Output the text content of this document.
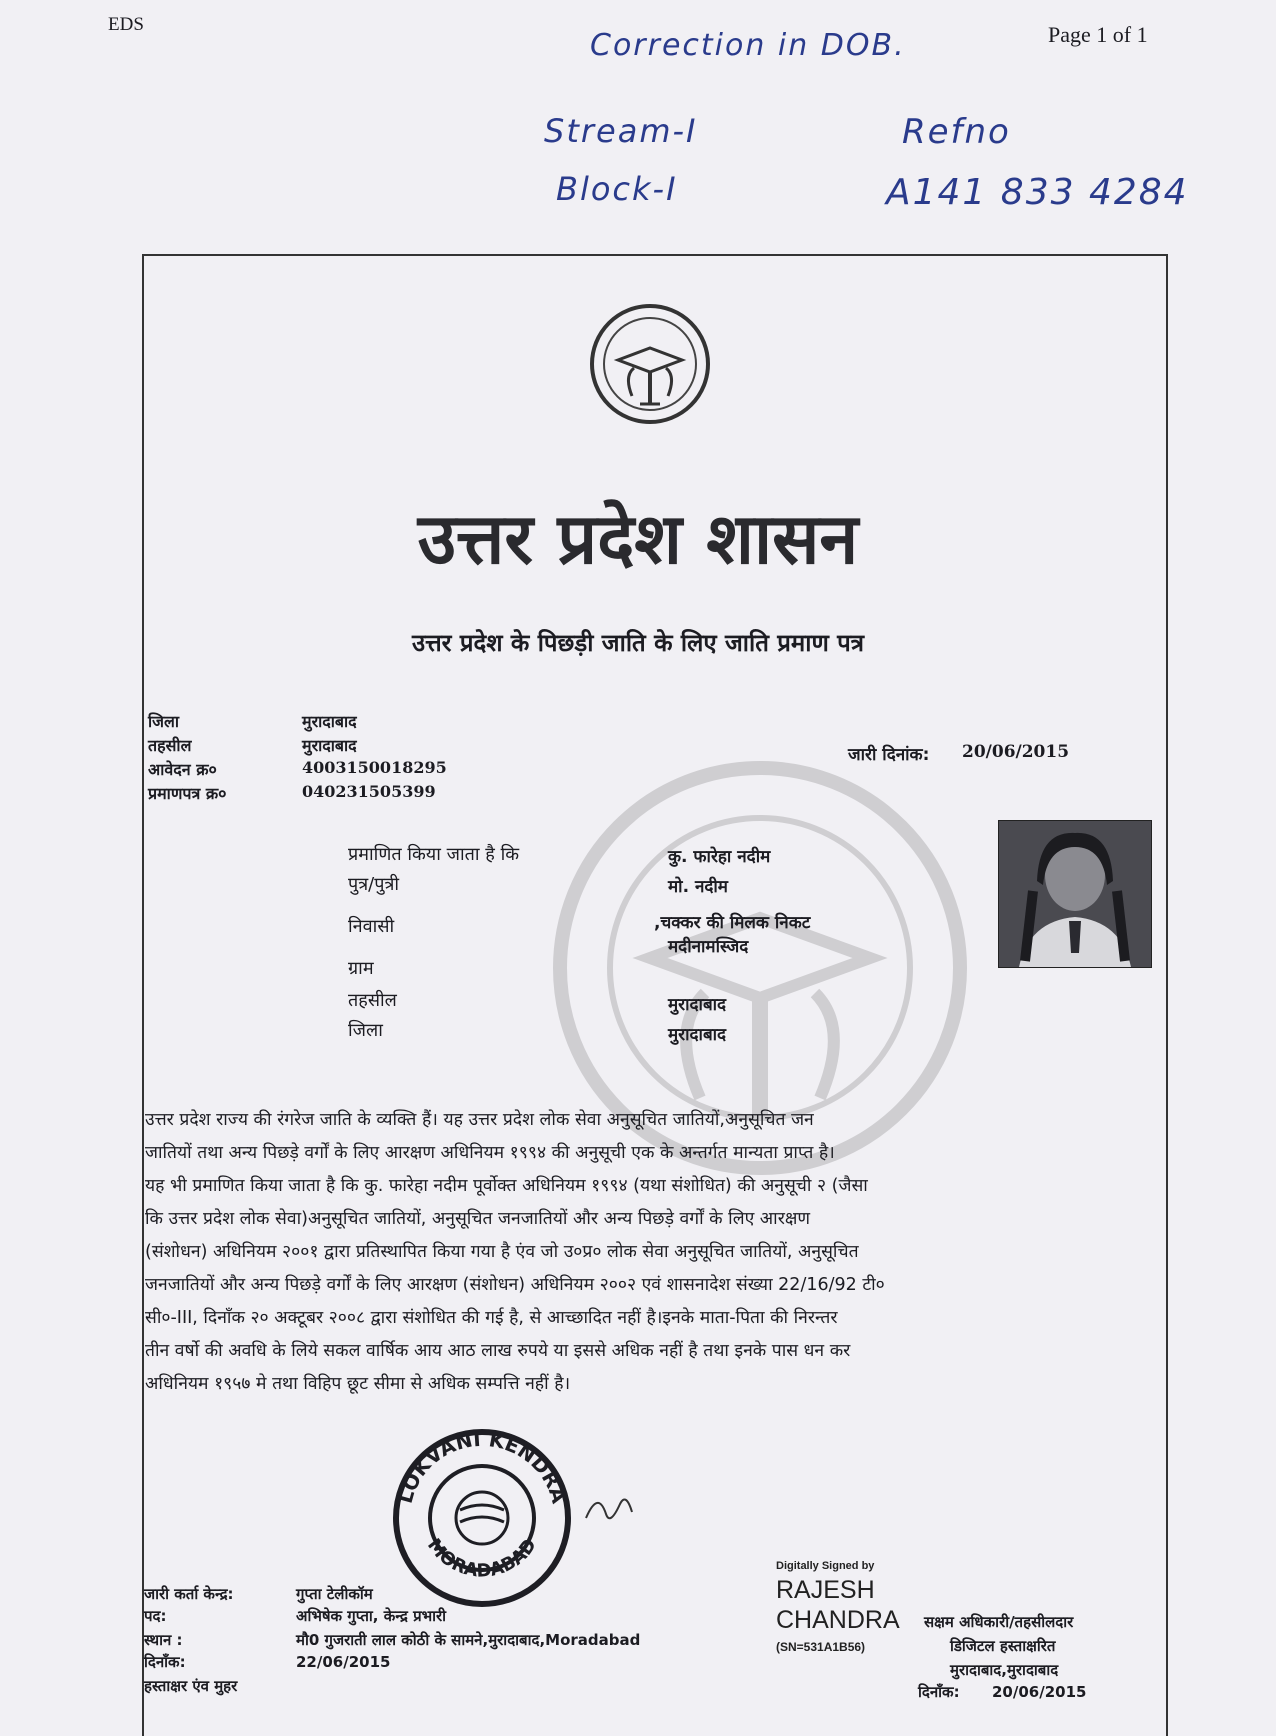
EDS	Page 1 of 1
Correction in DOB.
Stream-I	Refno
Block-I	A141 833 4284
उत्तर प्रदेश शासन
उत्तर प्रदेश के पिछड़ी जाति के लिए जाति प्रमाण पत्र
जिला	मुरादाबाद
तहसील	मुरादाबाद
आवेदन क्र०	4003150018295
प्रमाणपत्र क्र०	040231505399
जारी दिनांक: 20/06/2015
प्रमाणित किया जाता है कि	कु. फारेहा नदीम
पुत्र/पुत्री	मो. नदीम
निवासी	,चक्कर की मिलक निकट
मदीनामस्जिद
ग्राम
तहसील	मुरादाबाद
जिला	मुरादाबाद
उत्तर प्रदेश राज्य की रंगरेज जाति के व्यक्ति हैं। यह उत्तर प्रदेश लोक सेवा अनुसूचित जातियों,अनुसूचित जन
जातियों तथा अन्य पिछड़े वर्गों के लिए आरक्षण अधिनियम १९९४ की अनुसूची एक के अन्तर्गत मान्यता प्राप्त है।
यह भी प्रमाणित किया जाता है कि कु. फारेहा नदीम पूर्वोक्त अधिनियम १९९४ (यथा संशोधित) की अनुसूची २ (जैसा
कि उत्तर प्रदेश लोक सेवा)अनुसूचित जातियों, अनुसूचित जनजातियों और अन्य पिछड़े वर्गों के लिए आरक्षण
(संशोधन) अधिनियम २००१ द्वारा प्रतिस्थापित किया गया है एंव जो उ०प्र० लोक सेवा अनुसूचित जातियों, अनुसूचित
जनजातियों और अन्य पिछड़े वर्गों के लिए आरक्षण (संशोधन) अधिनियम २००२ एवं शासनादेश संख्या 22/16/92 टी०
सी०-III, दिनाँक २० अक्टूबर २००८ द्वारा संशोधित की गई है, से आच्छादित नहीं है।इनके माता-पिता की निरन्तर
तीन वर्षो की अवधि के लिये सकल वार्षिक आय आठ लाख रुपये या इससे अधिक नहीं है तथा इनके पास धन कर
अधिनियम १९५७ मे तथा विहिप छूट सीमा से अधिक सम्पत्ति नहीं है।
LOKVANI KENDRA
MORADABAD
जारी कर्ता केन्द्र:	गुप्ता टेलीकॉम
पद:	अभिषेक गुप्ता, केन्द्र प्रभारी
स्थान :	मौ0 गुजराती लाल कोठी के सामने,मुरादाबाद,Moradabad
दिनाँक:	22/06/2015
हस्ताक्षर एंव मुहर
Digitally Signed by
RAJESH
CHANDRA
(SN=531A1B56)
सक्षम अधिकारी/तहसीलदार
डिजिटल हस्ताक्षरित
मुरादाबाद,मुरादाबाद
दिनाँक: 20/06/2015
